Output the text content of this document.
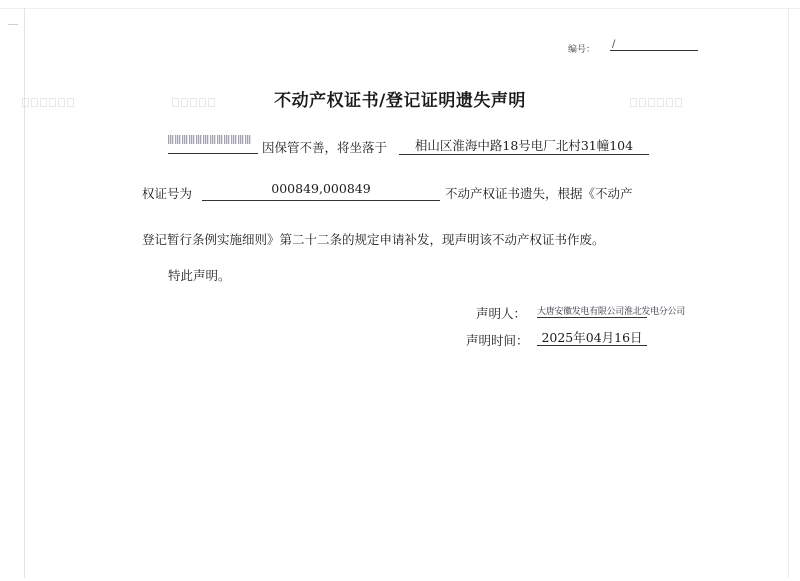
编号： /
不动产权证书/登记证明遗失声明
因保管不善，将坐落于	相山区淮海中路18号电厂北村31幢104
权证号为	000849,000849	不动产权证书遗失，根据《不动产
登记暂行条例实施细则》第二十二条的规定申请补发，现声明该不动产权证书作废。
特此声明。
声明人： 大唐安徽发电有限公司淮北发电分公司
声明时间：	2025年04月16日
